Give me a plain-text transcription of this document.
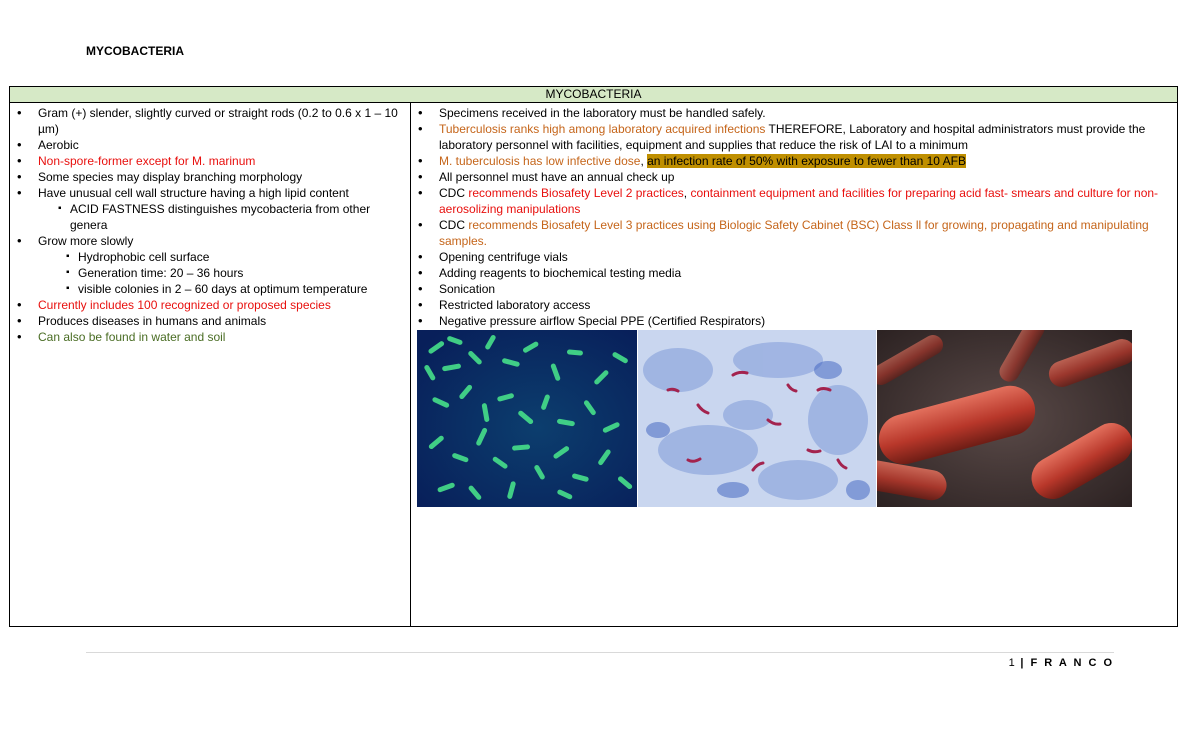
MYCOBACTERIA
MYCOBACTERIA

• Gram (+) slender, slightly curved or straight rods (0.2 to 0.6 x 1 – 10 µm)
• Aerobic
• Non-spore-former except for M. marinum
• Some species may display branching morphology
• Have unusual cell wall structure having a high lipid content
▪ ACID FASTNESS distinguishes mycobacteria from other genera
• Grow more slowly
▪ Hydrophobic cell surface
▪ Generation time: 20 – 36 hours
▪ visible colonies in 2 – 60 days at optimum temperature
• Currently includes 100 recognized or proposed species
• Produces diseases in humans and animals
• Can also be found in water and soil

• Specimens received in the laboratory must be handled safely.
• Tuberculosis ranks high among laboratory acquired infections THEREFORE, Laboratory and hospital administrators must provide the laboratory personnel with facilities, equipment and supplies that reduce the risk of LAI to a minimum
• M. tuberculosis has low infective dose, an infection rate of 50% with exposure to fewer than 10 AFB
• All personnel must have an annual check up
• CDC recommends Biosafety Level 2 practices, containment equipment and facilities for preparing acid fast- smears and culture for non-aerosolizing manipulations
• CDC recommends Biosafety Level 3 practices using Biologic Safety Cabinet (BSC) Class ll for growing, propagating and manipulating samples.
• Opening centrifuge vials
• Adding reagents to biochemical testing media
• Sonication
• Restricted laboratory access
• Negative pressure airflow Special PPE (Certified Respirators)
1 | F R A N C O
